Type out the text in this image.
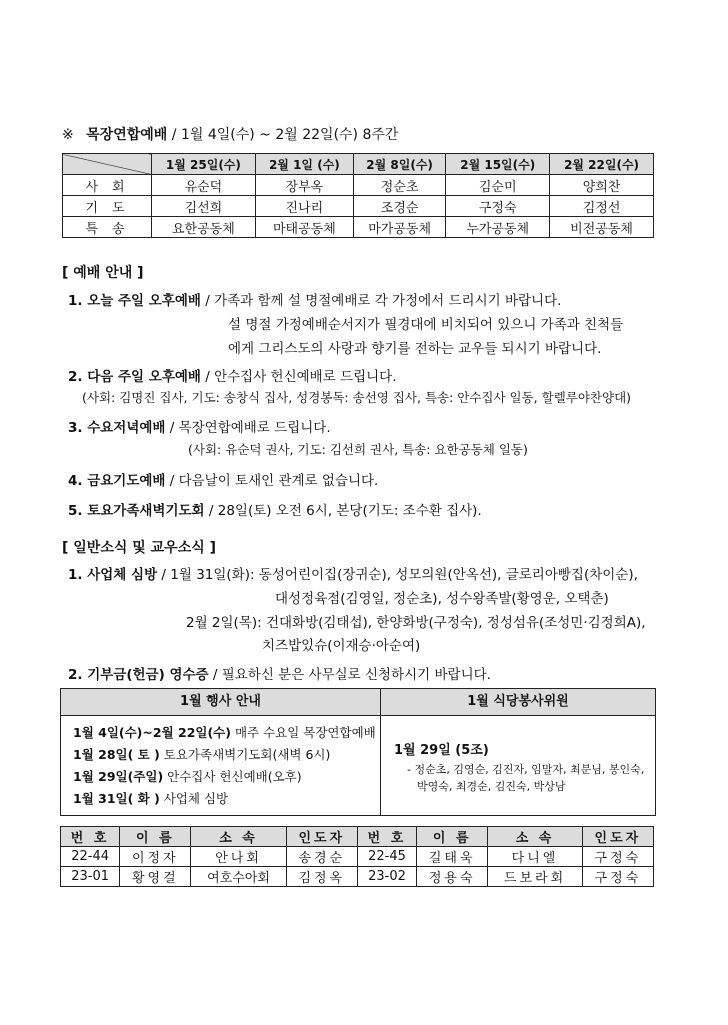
※ 목장연합예배 / 1월 4일(수) ~ 2월 22일(수) 8주간
	1월 25일(수)	2월 1일 (수)	2월 8일(수)	2월 15일(수)	2월 22일(수)
사회	유순덕	장부옥	정순초	김순미	양희찬
기도	김선희	진나리	조경순	구정숙	김정선
특송	요한공동체	마태공동체	마가공동체	누가공동체	비전공동체
[ 예배 안내 ]
1. 오늘 주일 오후예배 / 가족과 함께 설 명절예배로 각 가정에서 드리시기 바랍니다.
설 명절 가정예배순서지가 필경대에 비치되어 있으니 가족과 친척들
에게 그리스도의 사랑과 향기를 전하는 교우들 되시기 바랍니다.
2. 다음 주일 오후예배 / 안수집사 헌신예배로 드립니다.
(사회: 김명진 집사, 기도: 송창식 집사, 성경봉독: 송선영 집사, 특송: 안수집사 일동, 할렐루야찬양대)
3. 수요저녁예배 / 목장연합예배로 드립니다.
(사회: 유순덕 권사, 기도: 김선희 권사, 특송: 요한공동체 일동)
4. 금요기도예배 / 다음날이 토새인 관계로 없습니다.
5. 토요가족새벽기도회 / 28일(토) 오전 6시, 본당(기도: 조수환 집사).
[ 일반소식 및 교우소식 ]
1. 사업체 심방 / 1월 31일(화): 동성어린이집(장귀순), 성모의원(안옥선), 글로리아빵집(차이순),
대성정육점(김영일, 정순초), 성수왕족발(황영운, 오택춘)
2월 2일(목): 건대화방(김태섭), 한양화방(구정숙), 정성섬유(조성민·김정희A),
치즈밥있슈(이재승·아순여)
2. 기부금(헌금) 영수증 / 필요하신 분은 사무실로 신청하시기 바랍니다.
1월 행사 안내	1월 식당봉사위원
1월 4일(수)~2월 22일(수) 매주 수요일 목장연합예배
1월 28일( 토 ) 토요가족새벽기도회(새벽 6시)
1월 29일(주일) 안수집사 헌신예배(오후)
1월 31일( 화 ) 사업체 심방
1월 29일 (5조)
- 정순초, 김영순, 김진자, 임말자, 최분님, 봉인숙,
박영숙, 최경순, 김진숙, 박상남
번 호	이 름	소 속	인도자	번 호	이 름	소 속	인도자
22-44	이정자	안나회	송경순	22-45	길태욱	다니엘	구정숙
23-01	황영걸	여호수아회	김정옥	23-02	정용숙	드보라회	구정숙
